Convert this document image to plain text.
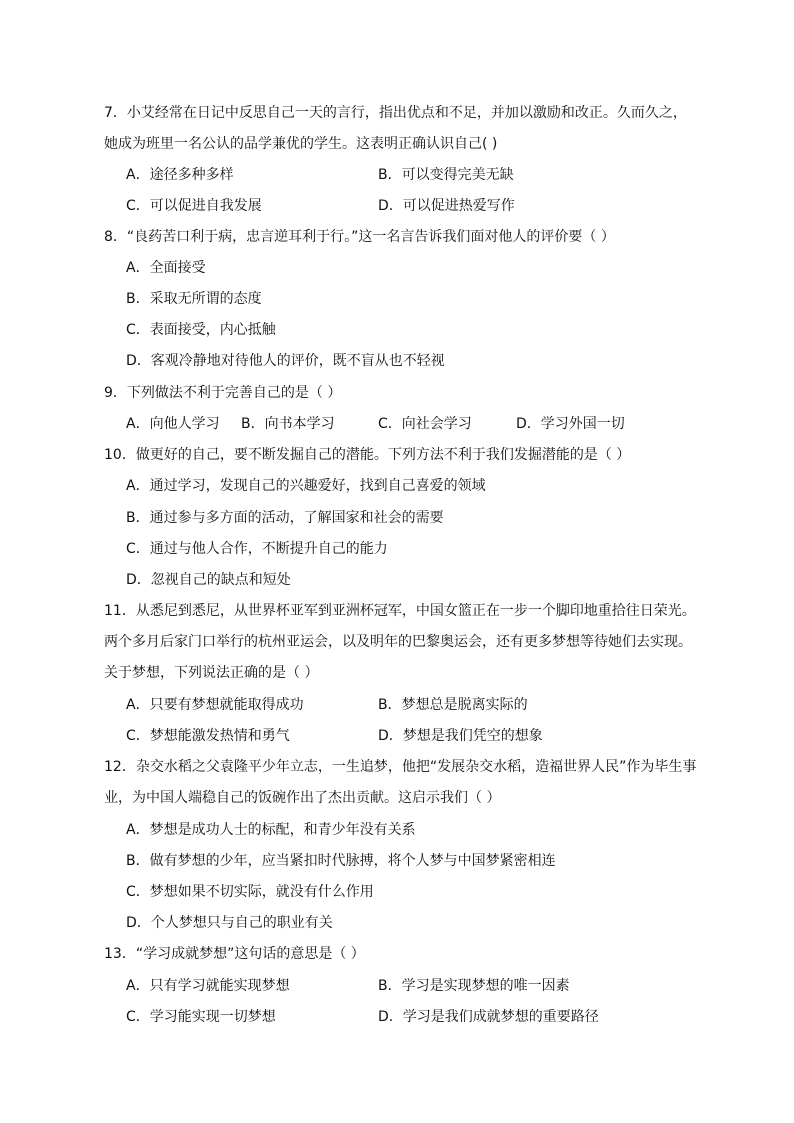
7．小艾经常在日记中反思自己一天的言行，指出优点和不足，并加以激励和改正。久而久之，
她成为班里一名公认的品学兼优的学生。这表明正确认识自己( )
A．途径多种多样	B．可以变得完美无缺
C．可以促进自我发展	D．可以促进热爱写作
8．“良药苦口利于病，忠言逆耳利于行。”这一名言告诉我们面对他人的评价要（ ）
A．全面接受
B．采取无所谓的态度
C．表面接受，内心抵触
D．客观冷静地对待他人的评价，既不盲从也不轻视
9．下列做法不利于完善自己的是（ ）
A．向他人学习 B．向书本学习	C．向社会学习	D．学习外国一切
10．做更好的自己，要不断发掘自己的潜能。下列方法不利于我们发掘潜能的是（ ）
A．通过学习，发现自己的兴趣爱好，找到自己喜爱的领域
B．通过参与多方面的活动，了解国家和社会的需要
C．通过与他人合作，不断提升自己的能力
D．忽视自己的缺点和短处
11．从悉尼到悉尼，从世界杯亚军到亚洲杯冠军，中国女篮正在一步一个脚印地重拾往日荣光。
两个多月后家门口举行的杭州亚运会，以及明年的巴黎奥运会，还有更多梦想等待她们去实现。
关于梦想，下列说法正确的是（ ）
A．只要有梦想就能取得成功	B．梦想总是脱离实际的
C．梦想能激发热情和勇气	D．梦想是我们凭空的想象
12．杂交水稻之父袁隆平少年立志，一生追梦，他把“发展杂交水稻，造福世界人民”作为毕生事
业，为中国人端稳自己的饭碗作出了杰出贡献。这启示我们（ ）
A．梦想是成功人士的标配，和青少年没有关系
B．做有梦想的少年，应当紧扣时代脉搏，将个人梦与中国梦紧密相连
C．梦想如果不切实际，就没有什么作用
D．个人梦想只与自己的职业有关
13．“学习成就梦想”这句话的意思是（ ）
A．只有学习就能实现梦想	B．学习是实现梦想的唯一因素
C．学习能实现一切梦想	D．学习是我们成就梦想的重要路径
